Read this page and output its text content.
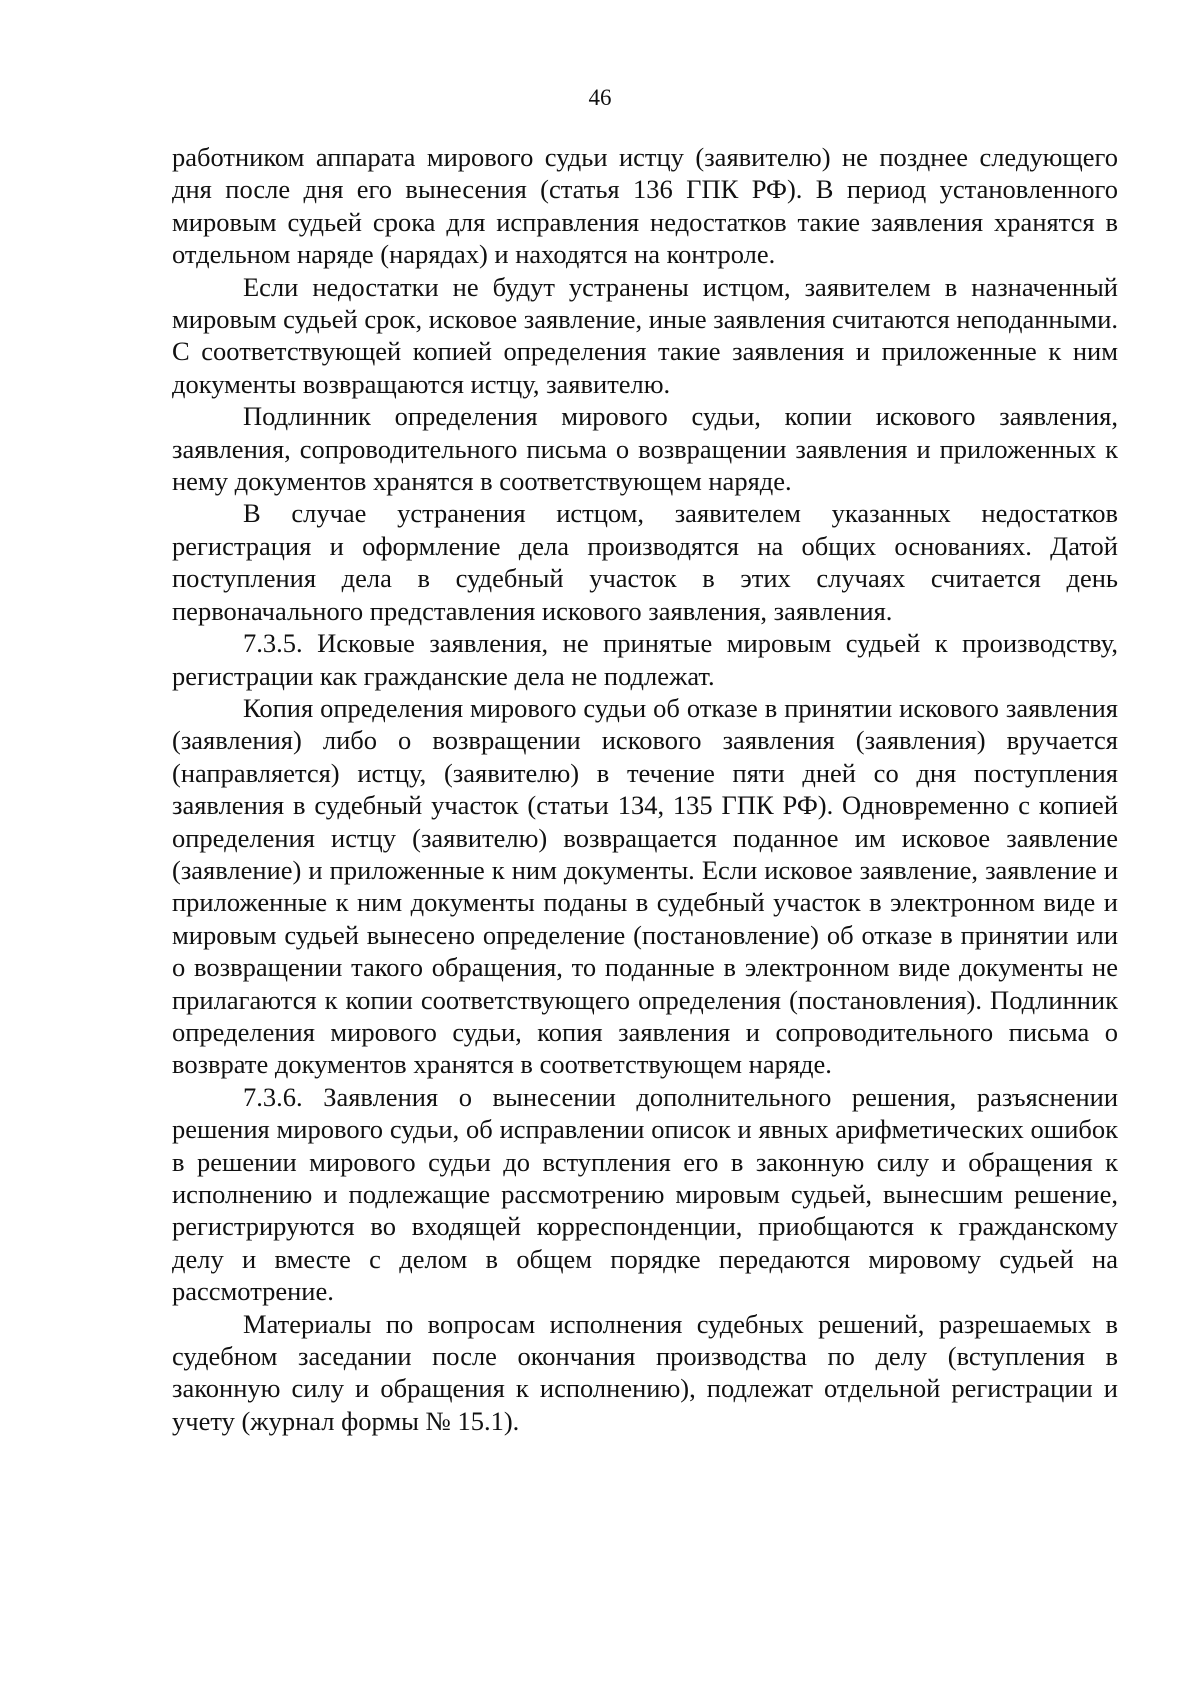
46

работником аппарата мирового судьи истцу (заявителю) не позднее следующего дня после дня его вынесения (статья 136 ГПК РФ). В период установленного мировым судьей срока для исправления недостатков такие заявления хранятся в отдельном наряде (нарядах) и находятся на контроле.

Если недостатки не будут устранены истцом, заявителем в назначенный мировым судьей срок, исковое заявление, иные заявления считаются неподанными. С соответствующей копией определения такие заявления и приложенные к ним документы возвращаются истцу, заявителю.

Подлинник определения мирового судьи, копии искового заявления, заявления, сопроводительного письма о возвращении заявления и приложенных к нему документов хранятся в соответствующем наряде.

В случае устранения истцом, заявителем указанных недостатков регистрация и оформление дела производятся на общих основаниях. Датой поступления дела в судебный участок в этих случаях считается день первоначального представления искового заявления, заявления.

7.3.5. Исковые заявления, не принятые мировым судьей к производству, регистрации как гражданские дела не подлежат.

Копия определения мирового судьи об отказе в принятии искового заявления (заявления) либо о возвращении искового заявления (заявления) вручается (направляется) истцу, (заявителю) в течение пяти дней со дня поступления заявления в судебный участок (статьи 134, 135 ГПК РФ). Одновременно с копией определения истцу (заявителю) возвращается поданное им исковое заявление (заявление) и приложенные к ним документы. Если исковое заявление, заявление и приложенные к ним документы поданы в судебный участок в электронном виде и мировым судьей вынесено определение (постановление) об отказе в принятии или о возвращении такого обращения, то поданные в электронном виде документы не прилагаются к копии соответствующего определения (постановления). Подлинник определения мирового судьи, копия заявления и сопроводительного письма о возврате документов хранятся в соответствующем наряде.

7.3.6. Заявления о вынесении дополнительного решения, разъяснении решения мирового судьи, об исправлении описок и явных арифметических ошибок в решении мирового судьи до вступления его в законную силу и обращения к исполнению и подлежащие рассмотрению мировым судьей, вынесшим решение, регистрируются во входящей корреспонденции, приобщаются к гражданскому делу и вместе с делом в общем порядке передаются мировому судьей на рассмотрение.

Материалы по вопросам исполнения судебных решений, разрешаемых в судебном заседании после окончания производства по делу (вступления в законную силу и обращения к исполнению), подлежат отдельной регистрации и учету (журнал формы № 15.1).
